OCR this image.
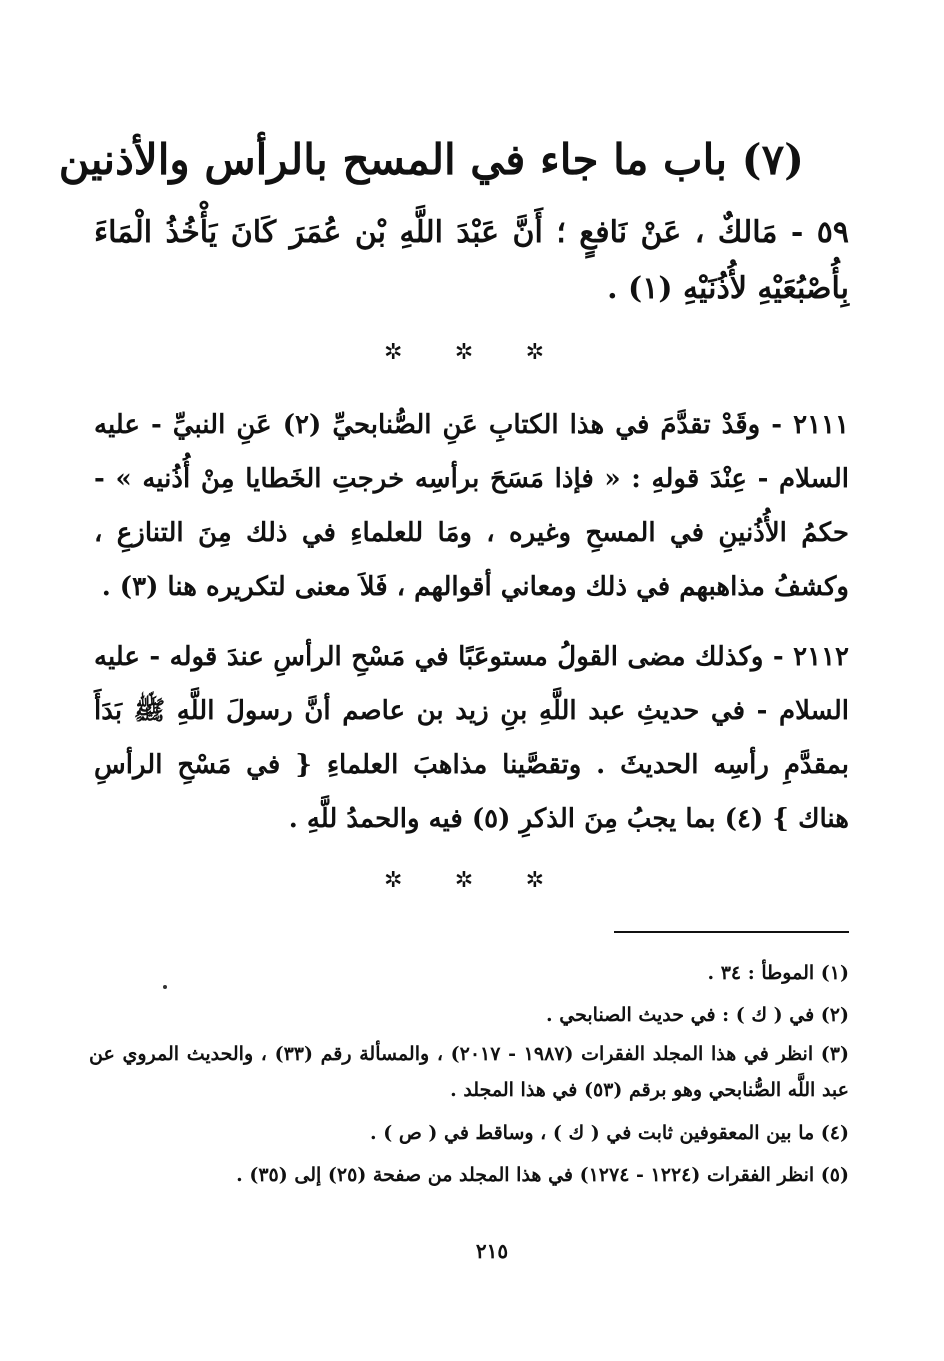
(٧) باب ما جاء في المسح بالرأس والأذنين

٥٩ - مَالكٌ ، عَنْ نَافعٍ ؛ أَنَّ عَبْدَ اللَّهِ بْن عُمَرَ كَانَ يَأْخُذُ الْمَاءَ بِأُصْبُعَيْهِ لأُذُنَيْهِ (١) .

✲
✲
✲

٢١١١ - وقَدْ تقدَّمَ في هذا الكتابِ عَنِ الصُّنابحيِّ (٢) عَنِ النبيِّ - عليه السلام - عِنْدَ قولهِ : « فإذا مَسَحَ برأسِه خرجتِ الخَطايا مِنْ أُذُنيه » - حكمُ الأُذُنينِ في المسحِ وغيره ، ومَا للعلماءِ في ذلك مِنَ التنازعِ ، وكشفُ مذاهبهم في ذلك ومعاني أقوالهم ، فَلاَ معنى لتكريره هنا (٣) .

٢١١٢ - وكذلك مضى القولُ مستوعَبًا في مَسْحِ الرأسِ عندَ قوله - عليه السلام - في حديثِ عبد اللَّهِ بنِ زيد بن عاصم أنَّ رسولَ اللَّهِ ﷺ بَدَأَ بمقدَّمِ رأسِه الحديثَ . وتقصَّينا مذاهبَ العلماءِ { في مَسْحِ الرأسِ هناك } (٤) بما يجبُ مِنَ الذكرِ (٥) فيه والحمدُ للَّهِ .

✲
✲
✲
(١) الموطأ : ٣٤ .
(٢) في ( ك ) : في حديث الصنابحي .
(٣) انظر في هذا المجلد الفقرات (١٩٨٧ - ٢٠١٧) ، والمسألة رقم (٣٣) ، والحديث المروي عن عبد اللَّه الصُّنابحي وهو برقم (٥٣) في هذا المجلد .
(٤) ما بين المعقوفين ثابت في ( ك ) ، وساقط في ( ص ) .
(٥) انظر الفقرات (١٢٢٤ - ١٢٧٤) في هذا المجلد من صفحة (٢٥) إلى (٣٥) .
٢١٥
